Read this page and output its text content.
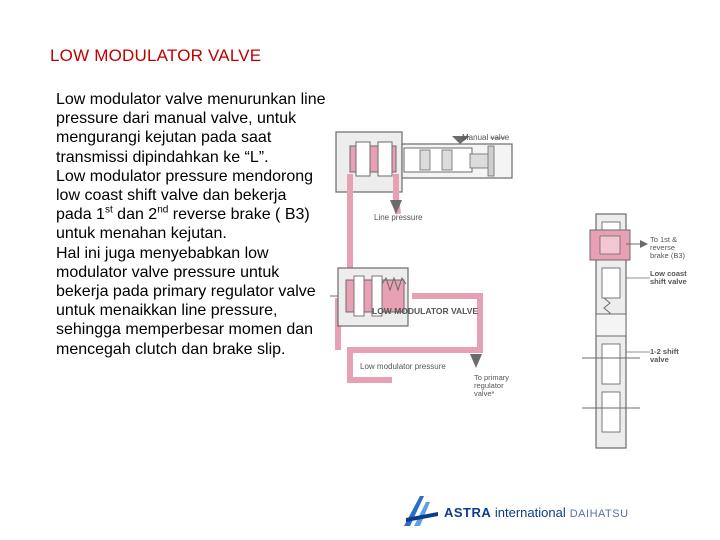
LOW MODULATOR VALVE

Low modulator valve menurunkan line pressure dari manual valve, untuk mengurangi kejutan pada saat transmissi dipindahkan ke “L”.

Low modulator pressure mendorong low coast shift valve dan bekerja pada 1st dan 2nd reverse brake ( B3) untuk menahan kejutan.

Hal ini juga menyebabkan low modulator valve pressure untuk bekerja pada primary regulator valve untuk menaikkan line pressure, sehingga memperbesar momen dan mencegah clutch dan brake slip.

Manual valve
Line pressure
LOW MODULATOR VALVE
Low modulator pressure
To primary
regulator
valve*
To 1st &
reverse
brake (B3)
Low coast
shift valve
1-2 shift
valve
ASTRA international DAIHATSU
